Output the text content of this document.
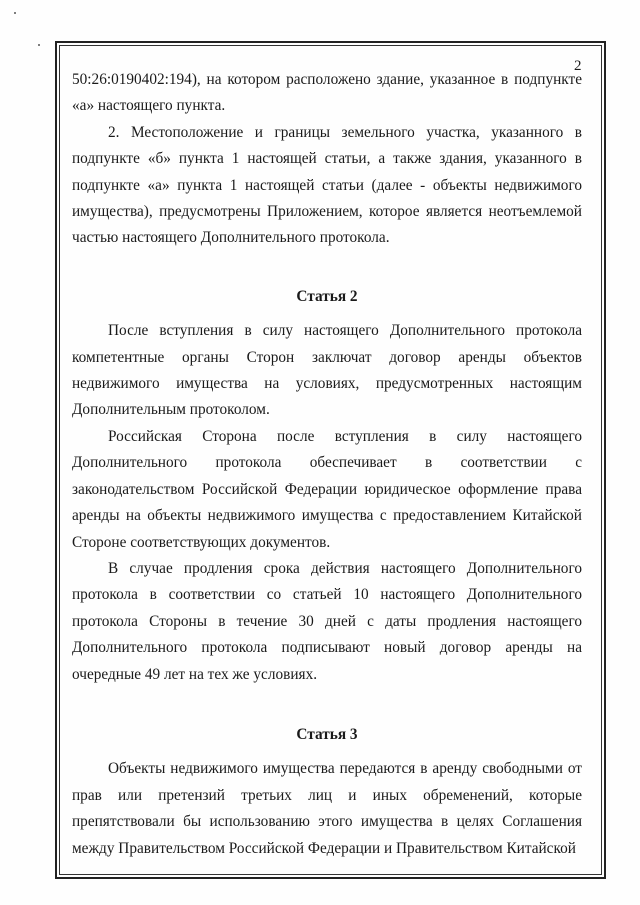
2

50:26:0190402:194), на котором расположено здание, указанное в подпункте «а» настоящего пункта.

2. Местоположение и границы земельного участка, указанного в подпункте «б» пункта 1 настоящей статьи, а также здания, указанного в подпункте «а» пункта 1 настоящей статьи (далее - объекты недвижимого имущества), предусмотрены Приложением, которое является неотъемлемой частью настоящего Дополнительного протокола.

Статья 2

После вступления в силу настоящего Дополнительного протокола компетентные органы Сторон заключат договор аренды объектов недвижимого имущества на условиях, предусмотренных настоящим Дополнительным протоколом.

Российская Сторона после вступления в силу настоящего Дополнительного протокола обеспечивает в соответствии с законодательством Российской Федерации юридическое оформление права аренды на объекты недвижимого имущества с предоставлением Китайской Стороне соответствующих документов.

В случае продления срока действия настоящего Дополнительного протокола в соответствии со статьей 10 настоящего Дополнительного протокола Стороны в течение 30 дней с даты продления настоящего Дополнительного протокола подписывают новый договор аренды на очередные 49 лет на тех же условиях.

Статья 3

Объекты недвижимого имущества передаются в аренду свободными от прав или претензий третьих лиц и иных обременений, которые препятствовали бы использованию этого имущества в целях Соглашения между Правительством Российской Федерации и Правительством Китайской
